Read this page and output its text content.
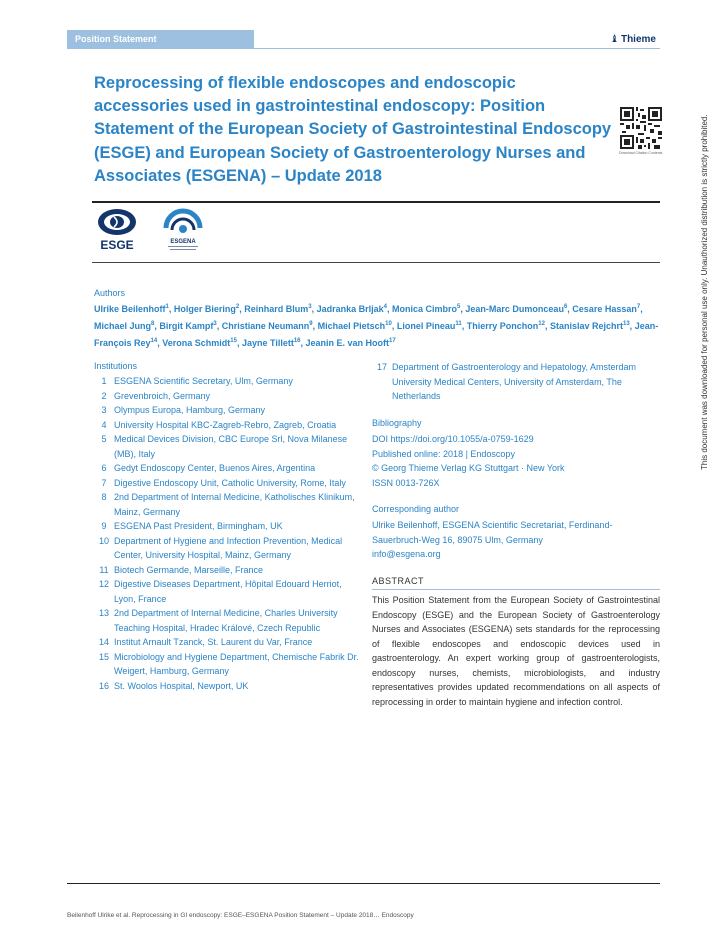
Position Statement	♝ Thieme
Reprocessing of flexible endoscopes and endoscopic accessories used in gastrointestinal endoscopy: Position Statement of the European Society of Gastrointestinal Endoscopy (ESGE) and European Society of Gastroenterology Nurses and Associates (ESGENA) – Update 2018
Download Citation Contents
ESGE	ESGENA
Authors
Ulrike Beilenhoff$^1$, Holger Biering$^2$, Reinhard Blum$^3$, Jadranka Brljak$^4$, Monica Cimbro$^5$, Jean-Marc Dumonceau$^6$, Cesare Hassan$^7$, Michael Jung$^8$, Birgit Kampf$^3$, Christiane Neumann$^9$, Michael Pietsch$^{10}$, Lionel Pineau$^{11}$, Thierry Ponchon$^{12}$, Stanislav Rejchrt$^{13}$, Jean-François Rey$^{14}$, Verona Schmidt$^{15}$, Jayne Tillett$^{16}$, Jeanin E. van Hooft$^{17}$
Institutions
1 ESGENA Scientific Secretary, Ulm, Germany
2 Grevenbroich, Germany
3 Olympus Europa, Hamburg, Germany
4 University Hospital KBC-Zagreb-Rebro, Zagreb, Croatia
5 Medical Devices Division, CBC Europe Srl, Nova Milanese (MB), Italy
6 Gedyt Endoscopy Center, Buenos Aires, Argentina
7 Digestive Endoscopy Unit, Catholic University, Rome, Italy
8 2nd Department of Internal Medicine, Katholisches Klinikum, Mainz, Germany
9 ESGENA Past President, Birmingham, UK
10 Department of Hygiene and Infection Prevention, Medical Center, University Hospital, Mainz, Germany
11 Biotech Germande, Marseille, France
12 Digestive Diseases Department, Hôpital Edouard Herriot, Lyon, France
13 2nd Department of Internal Medicine, Charles University Teaching Hospital, Hradec Králové, Czech Republic
14 Institut Arnault Tzanck, St. Laurent du Var, France
15 Microbiology and Hygiene Department, Chemische Fabrik Dr. Weigert, Hamburg, Germany
16 St. Woolos Hospital, Newport, UK
17 Department of Gastroenterology and Hepatology, Amsterdam University Medical Centers, University of Amsterdam, The Netherlands
Bibliography
DOI https://doi.org/10.1055/a-0759-1629
Published online: 2018 | Endoscopy
© Georg Thieme Verlag KG Stuttgart · New York
ISSN 0013-726X
Corresponding author
Ulrike Beilenhoff, ESGENA Scientific Secretariat, Ferdinand-Sauerbruch-Weg 16, 89075 Ulm, Germany
info@esgena.org
ABSTRACT
This Position Statement from the European Society of Gastrointestinal Endoscopy (ESGE) and the European Society of Gastroenterology Nurses and Associates (ESGENA) sets standards for the reprocessing of flexible endoscopes and endoscopic devices used in gastroenterology. An expert working group of gastroenterologists, endoscopy nurses, chemists, microbiologists, and industry representatives provides updated recommendations on all aspects of reprocessing in order to maintain hygiene and infection control.
Beilenhoff Ulrike et al. Reprocessing in GI endoscopy: ESGE–ESGENA Position Statement – Update 2018… Endoscopy
This document was downloaded for personal use only. Unauthorized distribution is strictly prohibited.
